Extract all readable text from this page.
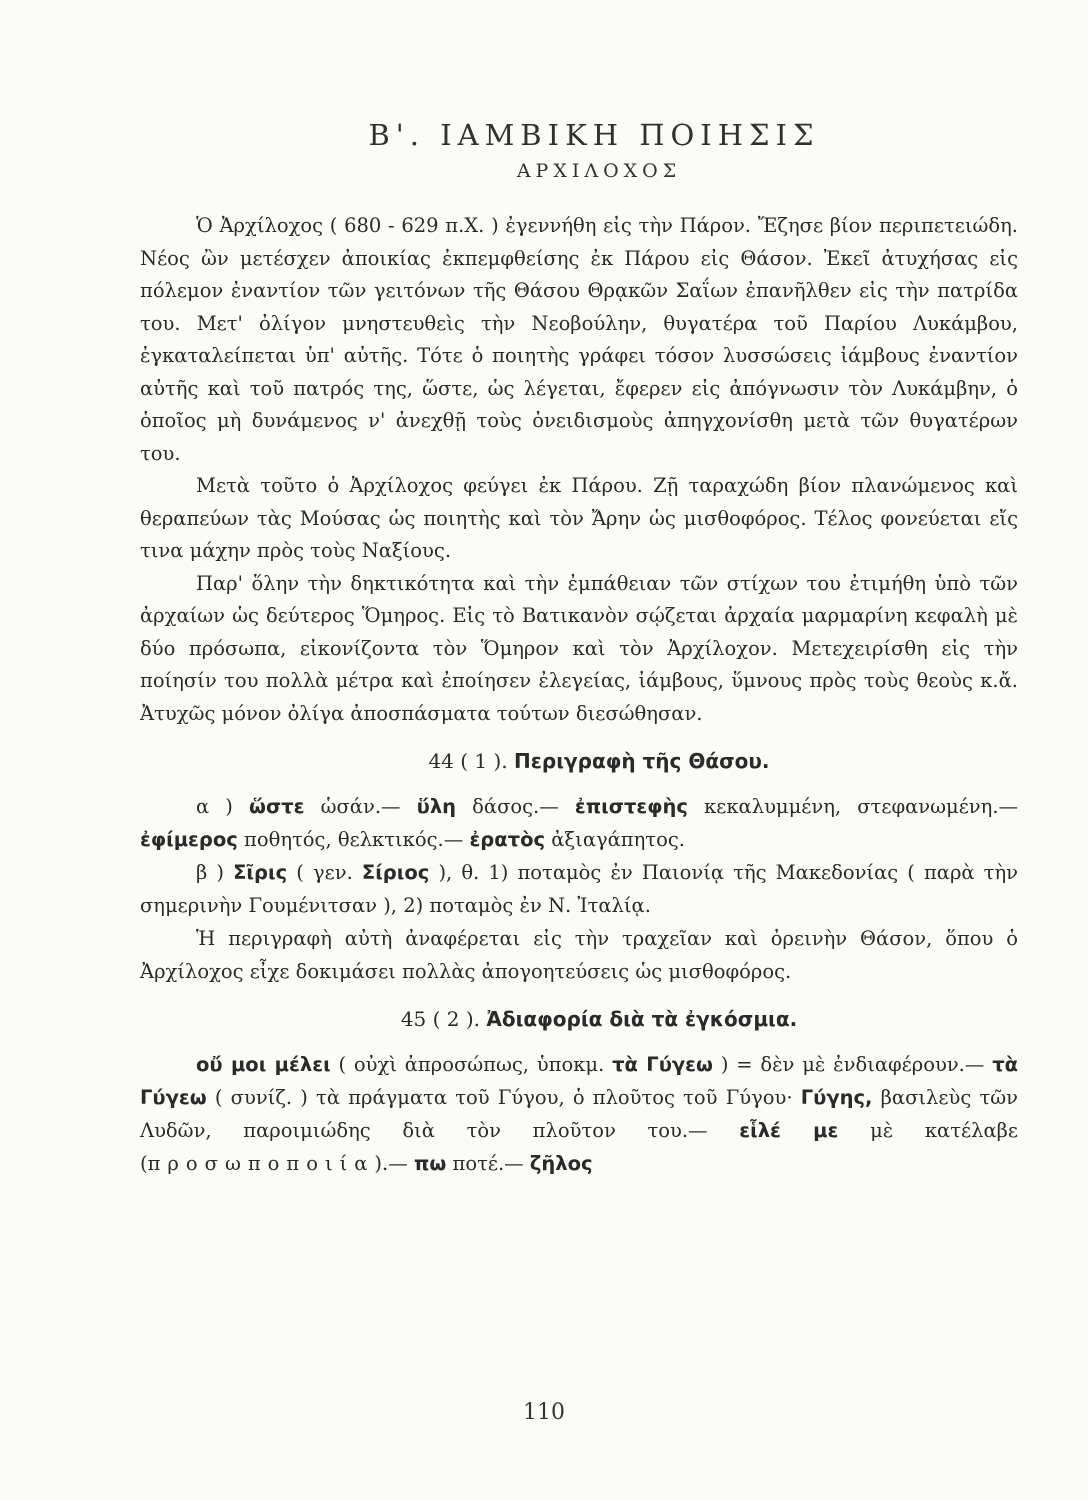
Β'. ΙΑΜΒΙΚΗ ΠΟΙΗΣΙΣ
ΑΡΧΙΛΟΧΟΣ

Ὁ Ἀρχίλοχος ( 680 - 629 π.Χ. ) ἐγεννήθη εἰς τὴν Πάρον. Ἔζησε βίον περιπετειώδη. Νέος ὢν μετέσχεν ἀποικίας ἐκπεμφθείσης ἐκ Πάρου εἰς Θάσον. Ἐκεῖ ἀτυχήσας εἰς πόλεμον ἐναντίον τῶν γειτόνων τῆς Θάσου Θρᾳκῶν Σαΐων ἐπανῆλθεν εἰς τὴν πατρίδα του. Μετ' ὀλίγον μνηστευθεὶς τὴν Νεοβούλην, θυγατέρα τοῦ Παρίου Λυκάμβου, ἐγκαταλείπεται ὑπ' αὐτῆς. Τότε ὁ ποιητὴς γράφει τόσον λυσσώσεις ἰάμβους ἐναντίον αὐτῆς καὶ τοῦ πατρός της, ὥστε, ὡς λέγεται, ἔφερεν εἰς ἀπόγνωσιν τὸν Λυκάμβην, ὁ ὁποῖος μὴ δυνάμενος ν' ἀνεχθῇ τοὺς ὀνειδισμοὺς ἀπηγχονίσθη μετὰ τῶν θυγατέρων του.

Μετὰ τοῦτο ὁ Ἀρχίλοχος φεύγει ἐκ Πάρου. Ζῇ ταραχώδη βίον πλανώμενος καὶ θεραπεύων τὰς Μούσας ὡς ποιητὴς καὶ τὸν Ἄρην ὡς μισθοφόρος. Τέλος φονεύεται εἴς τινα μάχην πρὸς τοὺς Ναξίους.

Παρ' ὅλην τὴν δηκτικότητα καὶ τὴν ἐμπάθειαν τῶν στίχων του ἐτιμήθη ὑπὸ τῶν ἀρχαίων ὡς δεύτερος Ὅμηρος. Εἰς τὸ Βατικανὸν σῴζεται ἀρχαία μαρμαρίνη κεφαλὴ μὲ δύο πρόσωπα, εἰκονίζοντα τὸν Ὅμηρον καὶ τὸν Ἀρχίλοχον. Μετεχειρίσθη εἰς τὴν ποίησίν του πολλὰ μέτρα καὶ ἐποίησεν ἐλεγείας, ἰάμβους, ὕμνους πρὸς τοὺς θεοὺς κ.ἄ. Ἀτυχῶς μόνον ὀλίγα ἀποσπάσματα τούτων διεσώθησαν.

44 ( 1 ). Περιγραφὴ τῆς Θάσου.

α ) ὥστε ὡσάν.— ὕλη δάσος.— ἐπιστεφὴς κεκαλυμμένη, στεφανωμένη.— ἐφίμερος ποθητός, θελκτικός.— ἐρατὸς ἀξιαγάπητος.

β ) Σῖρις ( γεν. Σίριος ), θ. 1) ποταμὸς ἐν Παιονίᾳ τῆς Μακεδονίας ( παρὰ τὴν σημερινὴν Γουμένιτσαν ), 2) ποταμὸς ἐν Ν. Ἰταλίᾳ.

Ἡ περιγραφὴ αὐτὴ ἀναφέρεται εἰς τὴν τραχεῖαν καὶ ὀρεινὴν Θάσον, ὅπου ὁ Ἀρχίλοχος εἶχε δοκιμάσει πολλὰς ἀπογοητεύσεις ὡς μισθοφόρος.

45 ( 2 ). Ἀδιαφορία διὰ τὰ ἐγκόσμια.

οὔ μοι μέλει ( οὐχὶ ἀπροσώπως, ὑποκμ. τὰ Γύγεω ) = δὲν μὲ ἐνδιαφέρουν.— τὰ Γύγεω ( συνίζ. ) τὰ πράγματα τοῦ Γύγου, ὁ πλοῦτος τοῦ Γύγου· Γύγης, βασιλεὺς τῶν Λυδῶν, παροιμιώδης διὰ τὸν πλοῦτον του.— εἷλέ με μὲ κατέλαβε (προσωποποιία).— πω ποτέ.— ζῆλος

110
